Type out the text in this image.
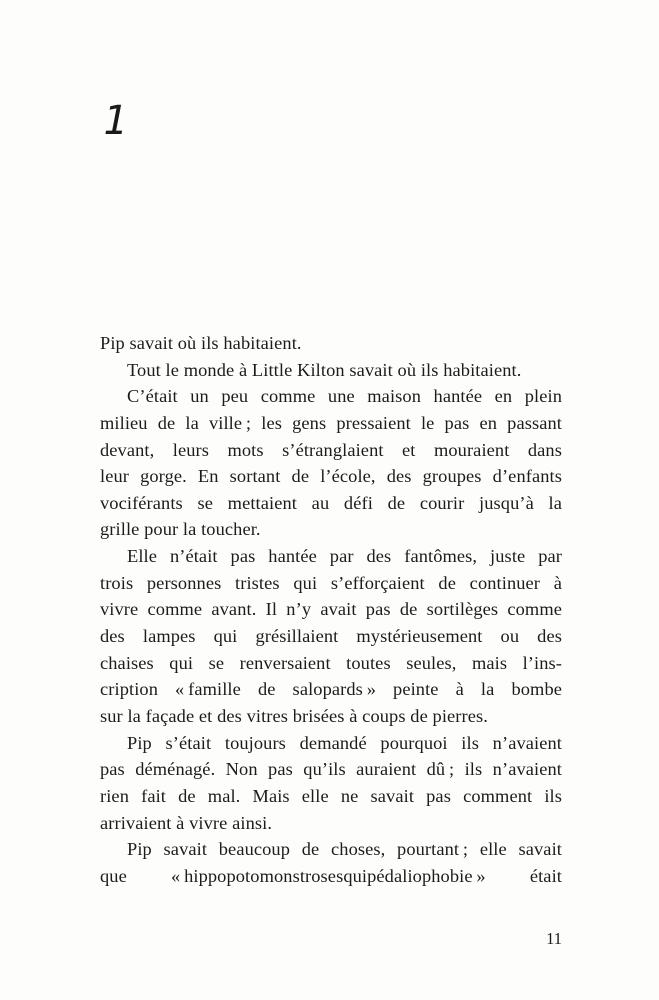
1
Pip savait où ils habitaient.
Tout le monde à Little Kilton savait où ils habitaient.
C’était un peu comme une maison hantée en plein
milieu de la ville ; les gens pressaient le pas en passant
devant, leurs mots s’étranglaient et mouraient dans
leur gorge. En sortant de l’école, des groupes d’enfants
vociférants se mettaient au défi de courir jusqu’à la
grille pour la toucher.
Elle n’était pas hantée par des fantômes, juste par
trois personnes tristes qui s’efforçaient de continuer à
vivre comme avant. Il n’y avait pas de sortilèges comme
des lampes qui grésillaient mystérieusement ou des
chaises qui se renversaient toutes seules, mais l’ins-
cription « famille de salopards » peinte à la bombe
sur la façade et des vitres brisées à coups de pierres.
Pip s’était toujours demandé pourquoi ils n’avaient
pas déménagé. Non pas qu’ils auraient dû ; ils n’avaient
rien fait de mal. Mais elle ne savait pas comment ils
arrivaient à vivre ainsi.
Pip savait beaucoup de choses, pourtant ; elle savait
que « hippopotomonstrosesquipédaliophobie » était
11
